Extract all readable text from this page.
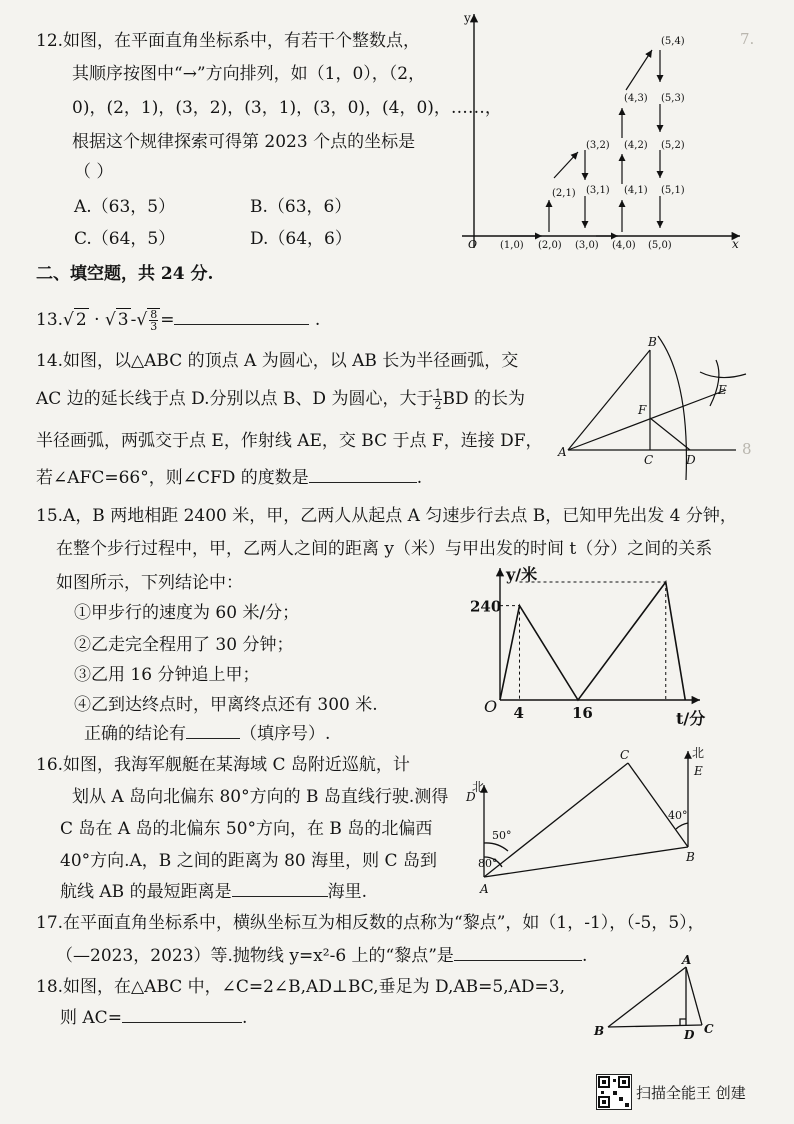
7.
8
12.如图，在平面直角坐标系中，有若干个整数点，
其顺序按图中“→”方向排列，如（1，0），（2，
0)，(2，1)，(3，2)，(3，1)，(3，0)，(4，0)，……，
根据这个规律探索可得第 2023 个点的坐标是
（ ）
A.（63，5）	B.（63，6）
C.（64，5）	D.（64，6）
y
x
O (1,0) (2,0) (3,0) (4,0) (5,0)
(2,1) (3,1)
(3,2)
(4,1)
(4,2)
(4,3)
(5,1)
(5,2)
(5,3)
(5,4)
二、填空题，共 24 分.
13.√ 2 · √ 3 -√ $\frac{8}{3}$ =	.
14.如图，以△ABC 的顶点 A 为圆心，以 AB 长为半径画弧，交
AC 边的延长线于点 D.分别以点 B、D 为圆心，大于 $\frac{1}{2}$ BD 的长为
半径画弧，两弧交于点 E，作射线 AE，交 BC 于点 F，连接 DF，
若∠AFC=66°，则∠CFD 的度数是	.
B
E
F
A
C	D
15.A，B 两地相距 2400 米，甲，乙两人从起点 A 匀速步行去点 B，已知甲先出发 4 分钟，
在整个步行过程中，甲，乙两人之间的距离 y（米）与甲出发的时间 t（分）之间的关系
如图所示，下列结论中：
①甲步行的速度为 60 米/分；
②乙走完全程用了 30 分钟；
③乙用 16 分钟追上甲；
④乙到达终点时，甲离终点还有 300 米.
正确的结论有	（填序号）.
y/米
t/分
O
240
4	16
16.如图，我海军舰艇在某海域 C 岛附近巡航，计
划从 A 岛向北偏东 80°方向的 B 岛直线行驶.测得
C 岛在 A 岛的北偏东 50°方向，在 B 岛的北偏西
40°方向.A，B 之间的距离为 80 海里，则 C 岛到
航线 AB 的最短距离是	海里.
C	北
E
D
北
50°
40°
80°
A
B
17.在平面直角坐标系中，横纵坐标互为相反数的点称为“黎点”，如（1，-1），（-5，5），
（—2023，2023）等.抛物线 y=x²-6 上的“黎点”是	.
18.如图，在△ABC 中，∠C=2∠B,AD⊥BC,垂足为 D,AB=5,AD=3,
则 AC=	.
A
B	D C
扫描全能王 创建
